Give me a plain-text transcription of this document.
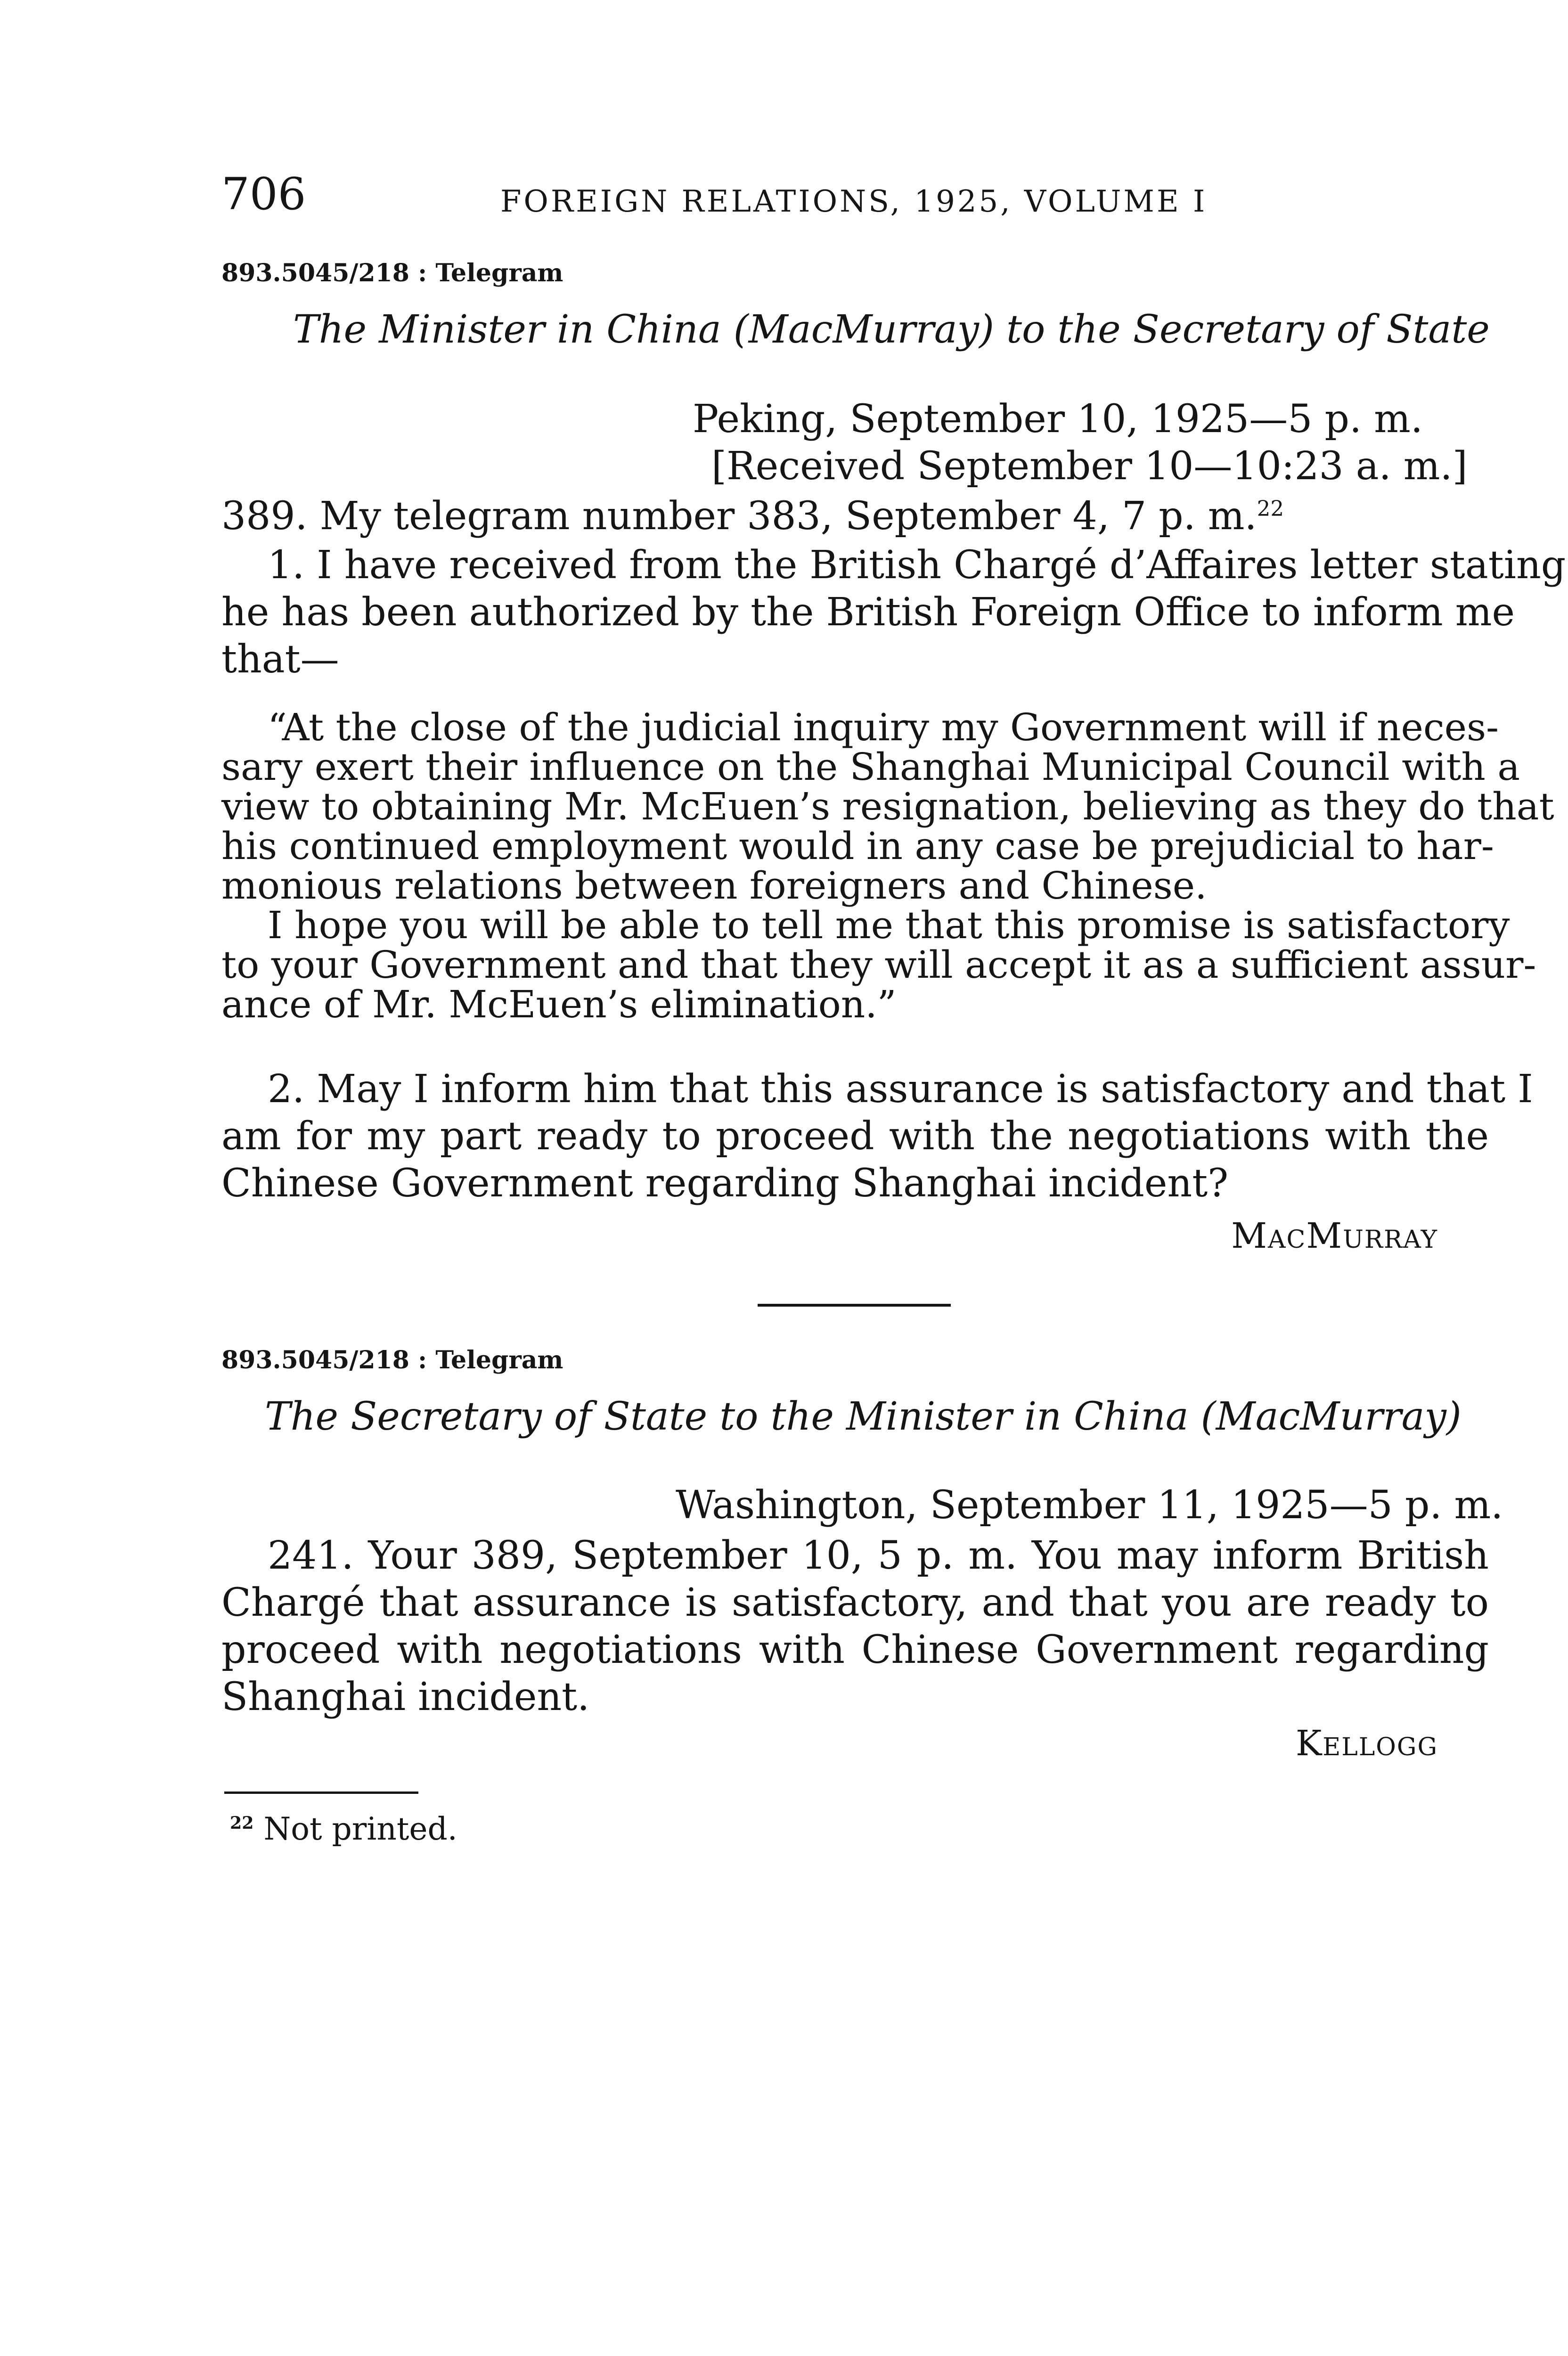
706	FOREIGN RELATIONS, 1925, VOLUME I
893.5045/218 : Telegram
The Minister in China (MacMurray) to the Secretary of State
Peking, September 10, 1925—5 p. m.
[Received September 10—10:23 a. m.]
389. My telegram number 383, September 4, 7 p. m.$^{22}$
1. I have received from the British Chargé d’Affaires letter stating
he has been authorized by the British Foreign Office to inform me
that—
“At the close of the judicial inquiry my Government will if neces-
sary exert their influence on the Shanghai Municipal Council with a
view to obtaining Mr. McEuen’s resignation, believing as they do that
his continued employment would in any case be prejudicial to har-
monious relations between foreigners and Chinese.
I hope you will be able to tell me that this promise is satisfactory
to your Government and that they will accept it as a sufficient assur-
ance of Mr. McEuen’s elimination.”
2. May I inform him that this assurance is satisfactory and that I
am for my part ready to proceed with the negotiations with the
Chinese Government regarding Shanghai incident?
MacMurray
893.5045/218 : Telegram
The Secretary of State to the Minister in China (MacMurray)
Washington, September 11, 1925—5 p. m.
241. Your 389, September 10, 5 p. m. You may inform British
Chargé that assurance is satisfactory, and that you are ready to
proceed with negotiations with Chinese Government regarding
Shanghai incident.
Kellogg
$^{22}$ Not printed.
